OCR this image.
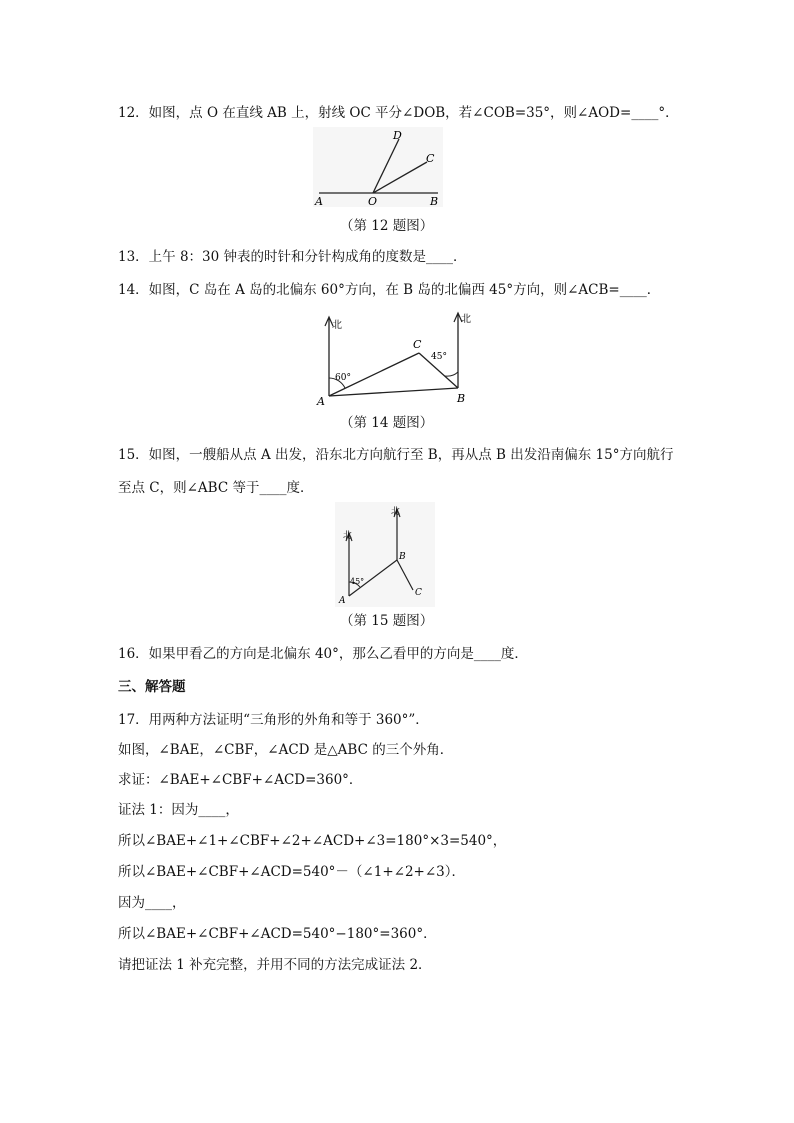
12．如图，点 O 在直线 AB 上，射线 OC 平分∠DOB，若∠COB=35°，则∠AOD=____°．
A	O	B
C
D
（第 12 题图）
13．上午 8：30 钟表的时针和分针构成角的度数是____．
14．如图，C 岛在 A 岛的北偏东 60°方向，在 B 岛的北偏西 45°方向，则∠ACB=____．
北
北
60°
45°
A	B
C
（第 14 题图）
15．如图，一艘船从点 A 出发，沿东北方向航行至 B，再从点 B 出发沿南偏东 15°方向航行
至点 C，则∠ABC 等于____度．
北
北
45°
A
B
C
（第 15 题图）
16．如果甲看乙的方向是北偏东 40°，那么乙看甲的方向是____度．
三、解答题
17．用两种方法证明“三角形的外角和等于 360°”．
如图，∠BAE，∠CBF，∠ACD 是△ABC 的三个外角．
求证：∠BAE+∠CBF+∠ACD=360°．
证法 1：因为____，
所以∠BAE+∠1+∠CBF+∠2+∠ACD+∠3=180°×3=540°，
所以∠BAE+∠CBF+∠ACD=540°－（∠1+∠2+∠3）．
因为____，
所以∠BAE+∠CBF+∠ACD=540°−180°=360°．
请把证法 1 补充完整，并用不同的方法完成证法 2．
